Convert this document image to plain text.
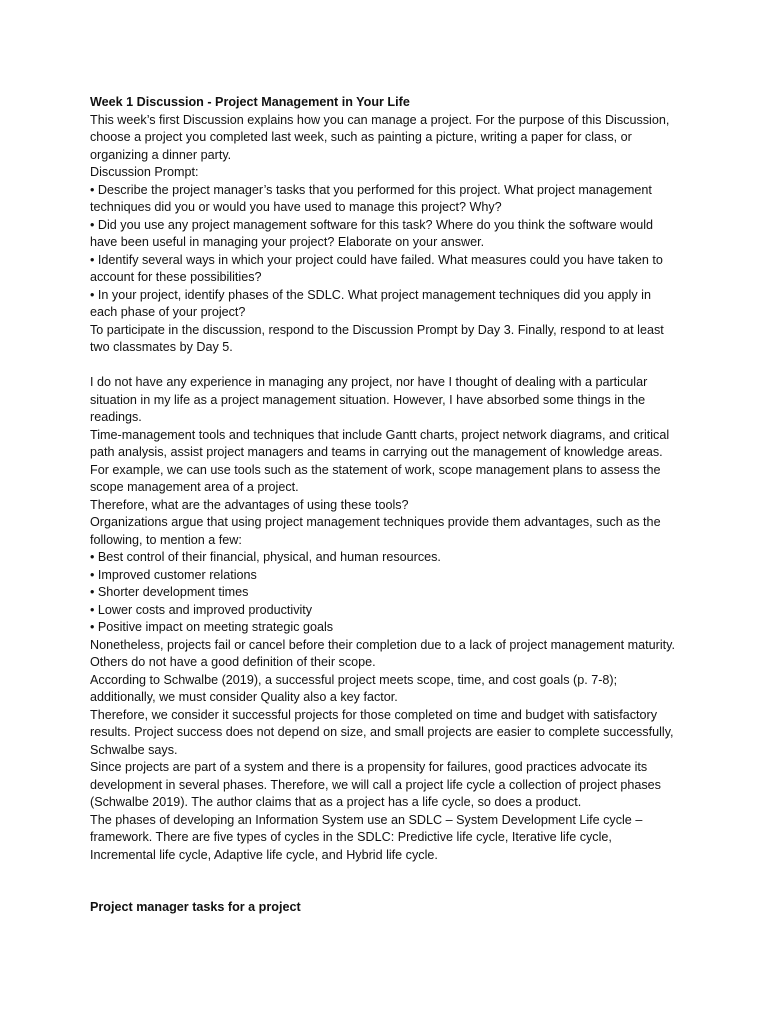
Week 1 Discussion - Project Management in Your Life

This week’s first Discussion explains how you can manage a project. For the purpose of this Discussion, choose a project you completed last week, such as painting a picture, writing a paper for class, or organizing a dinner party.

Discussion Prompt:

• Describe the project manager’s tasks that you performed for this project. What project management techniques did you or would you have used to manage this project? Why?

• Did you use any project management software for this task? Where do you think the software would have been useful in managing your project? Elaborate on your answer.

• Identify several ways in which your project could have failed. What measures could you have taken to account for these possibilities?

• In your project, identify phases of the SDLC. What project management techniques did you apply in each phase of your project?

To participate in the discussion, respond to the Discussion Prompt by Day 3. Finally, respond to at least two classmates by Day 5.

I do not have any experience in managing any project, nor have I thought of dealing with a particular situation in my life as a project management situation. However, I have absorbed some things in the readings.

Time-management tools and techniques that include Gantt charts, project network diagrams, and critical path analysis, assist project managers and teams in carrying out the management of knowledge areas. For example, we can use tools such as the statement of work, scope management plans to assess the scope management area of a project.

Therefore, what are the advantages of using these tools?

Organizations argue that using project management techniques provide them advantages, such as the following, to mention a few:

• Best control of their financial, physical, and human resources.

• Improved customer relations

• Shorter development times

• Lower costs and improved productivity

• Positive impact on meeting strategic goals

Nonetheless, projects fail or cancel before their completion due to a lack of project management maturity. Others do not have a good definition of their scope.

According to Schwalbe (2019), a successful project meets scope, time, and cost goals (p. 7-8); additionally, we must consider Quality also a key factor.

Therefore, we consider it successful projects for those completed on time and budget with satisfactory results. Project success does not depend on size, and small projects are easier to complete successfully, Schwalbe says.

Since projects are part of a system and there is a propensity for failures, good practices advocate its development in several phases. Therefore, we will call a project life cycle a collection of project phases (Schwalbe 2019). The author claims that as a project has a life cycle, so does a product.

The phases of developing an Information System use an SDLC – System Development Life cycle – framework. There are five types of cycles in the SDLC: Predictive life cycle, Iterative life cycle, Incremental life cycle, Adaptive life cycle, and Hybrid life cycle.

Project manager tasks for a project
